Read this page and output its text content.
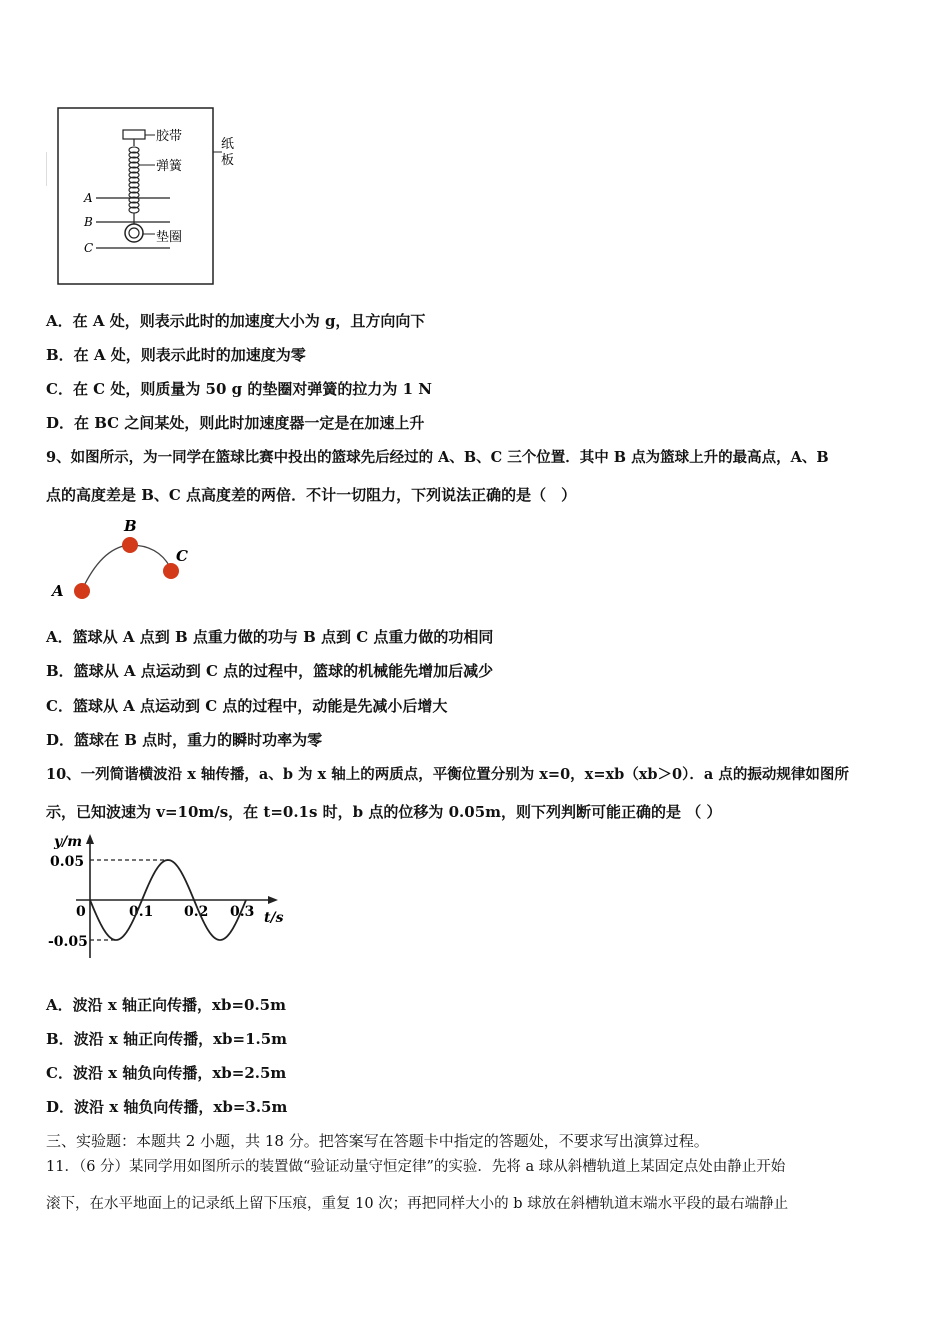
胶带
弹簧
纸
板
A
B
垫圈
C
A．在 A 处，则表示此时的加速度大小为 g，且方向向下
B．在 A 处，则表示此时的加速度为零
C．在 C 处，则质量为 50 g 的垫圈对弹簧的拉力为 1 N
D．在 BC 之间某处，则此时加速度器一定是在加速上升
9、如图所示，为一同学在篮球比赛中投出的篮球先后经过的 A、B、C 三个位置．其中 B 点为篮球上升的最高点，A、B
点的高度差是 B、C 点高度差的两倍．不计一切阻力，下列说法正确的是（　）
A
B
C
A．篮球从 A 点到 B 点重力做的功与 B 点到 C 点重力做的功相同
B．篮球从 A 点运动到 C 点的过程中，篮球的机械能先增加后减少
C．篮球从 A 点运动到 C 点的过程中，动能是先减小后增大
D．篮球在 B 点时，重力的瞬时功率为零
10、一列简谐横波沿 x 轴传播，a、b 为 x 轴上的两质点，平衡位置分别为 x=0，x=xb（xb＞0）．a 点的振动规律如图所
示，已知波速为 v=10m/s，在 t=0.1s 时，b 点的位移为 0.05m，则下列判断可能正确的是 （ ）
y/m
t/s
0.05
-0.05
0	0.1 0.2 0.3
A．波沿 x 轴正向传播，xb=0.5m
B．波沿 x 轴正向传播，xb=1.5m
C．波沿 x 轴负向传播，xb=2.5m
D．波沿 x 轴负向传播，xb=3.5m
三、实验题：本题共 2 小题，共 18 分。把答案写在答题卡中指定的答题处，不要求写出演算过程。
11．（6 分）某同学用如图所示的装置做“验证动量守恒定律”的实验．先将 a 球从斜槽轨道上某固定点处由静止开始
滚下，在水平地面上的记录纸上留下压痕，重复 10 次；再把同样大小的 b 球放在斜槽轨道末端水平段的最右端静止
